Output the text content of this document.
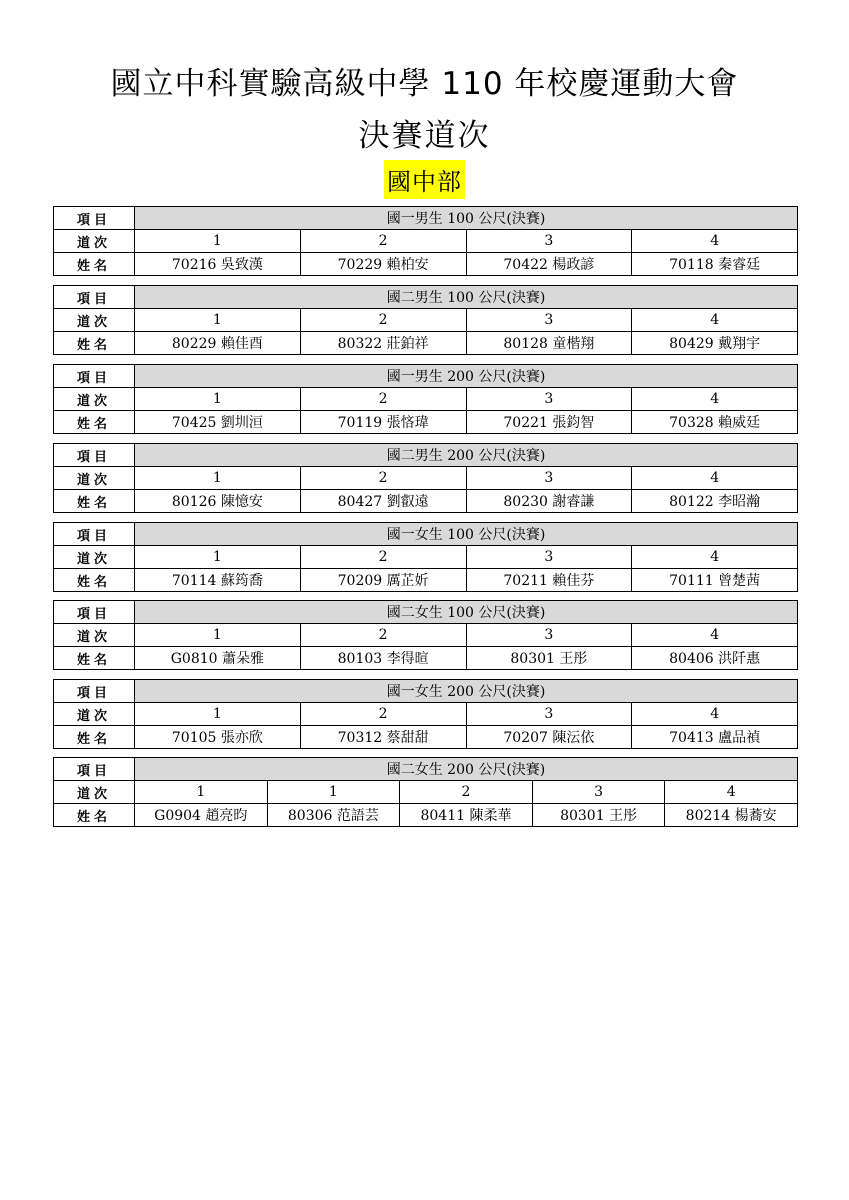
國立中科實驗高級中學 110 年校慶運動大會
決賽道次
國中部
項目	國一男生 100 公尺(決賽)			
道次	1	2	3	4
姓名	70216 吳致漢	70229 賴柏安	70422 楊政諺	70118 秦睿廷
項目	國二男生 100 公尺(決賽)			
道次	1	2	3	4
姓名	80229 賴佳酉	80322 莊鉑祥	80128 童楷翔	80429 戴翔宇
項目	國一男生 200 公尺(決賽)			
道次	1	2	3	4
姓名	70425 劉圳洹	70119 張悋瑋	70221 張鈞智	70328 賴威廷
項目	國二男生 200 公尺(決賽)			
道次	1	2	3	4
姓名	80126 陳憶安	80427 劉叡遠	80230 謝睿謙	80122 李昭瀚
項目	國一女生 100 公尺(決賽)			
道次	1	2	3	4
姓名	70114 蘇筠喬	70209 厲芷妡	70211 賴佳芬	70111 曾楚茜
項目	國二女生 100 公尺(決賽)			
道次	1	2	3	4
姓名	G0810 蕭朵雅	80103 李得暄	80301 王彤	80406 洪阡惠
項目	國一女生 200 公尺(決賽)			
道次	1	2	3	4
姓名	70105 張亦欣	70312 蔡甜甜	70207 陳沄依	70413 盧品禎
項目	國二女生 200 公尺(決賽)				
道次	1	1	2	3	4
姓名	G0904 趙亮昀	80306 范語芸	80411 陳柔華	80301 王彤	80214 楊蕎安
